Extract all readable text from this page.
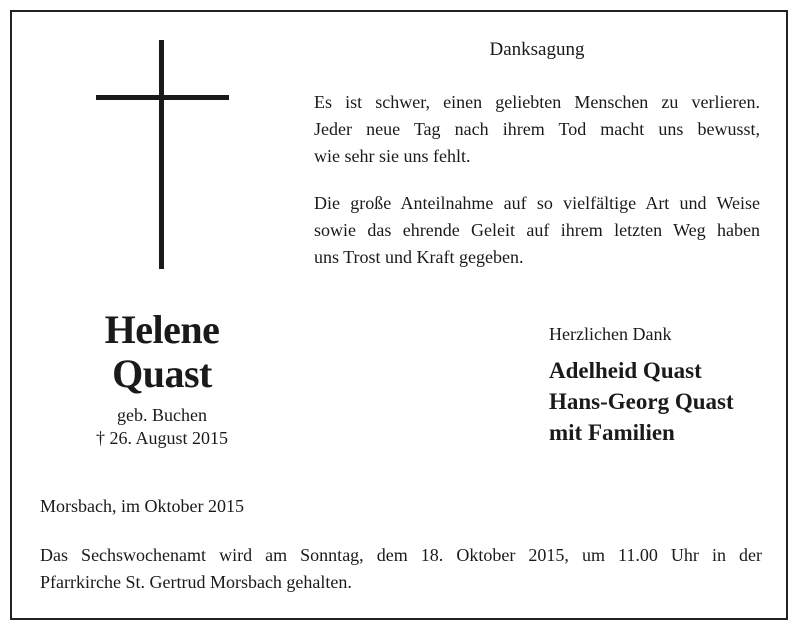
Danksagung
Es ist schwer, einen geliebten Menschen zu verlieren.
Jeder neue Tag nach ihrem Tod macht uns bewusst,
wie sehr sie uns fehlt.
Die große Anteilnahme auf so vielfältige Art und Weise
sowie das ehrende Geleit auf ihrem letzten Weg haben
uns Trost und Kraft gegeben.
Helene
Quast
geb. Buchen
† 26. August 2015
Herzlichen Dank
Adelheid Quast
Hans-Georg Quast
mit Familien
Morsbach, im Oktober 2015
Das Sechswochenamt wird am Sonntag, dem 18. Oktober 2015, um 11.00 Uhr in der
Pfarrkirche St. Gertrud Morsbach gehalten.
